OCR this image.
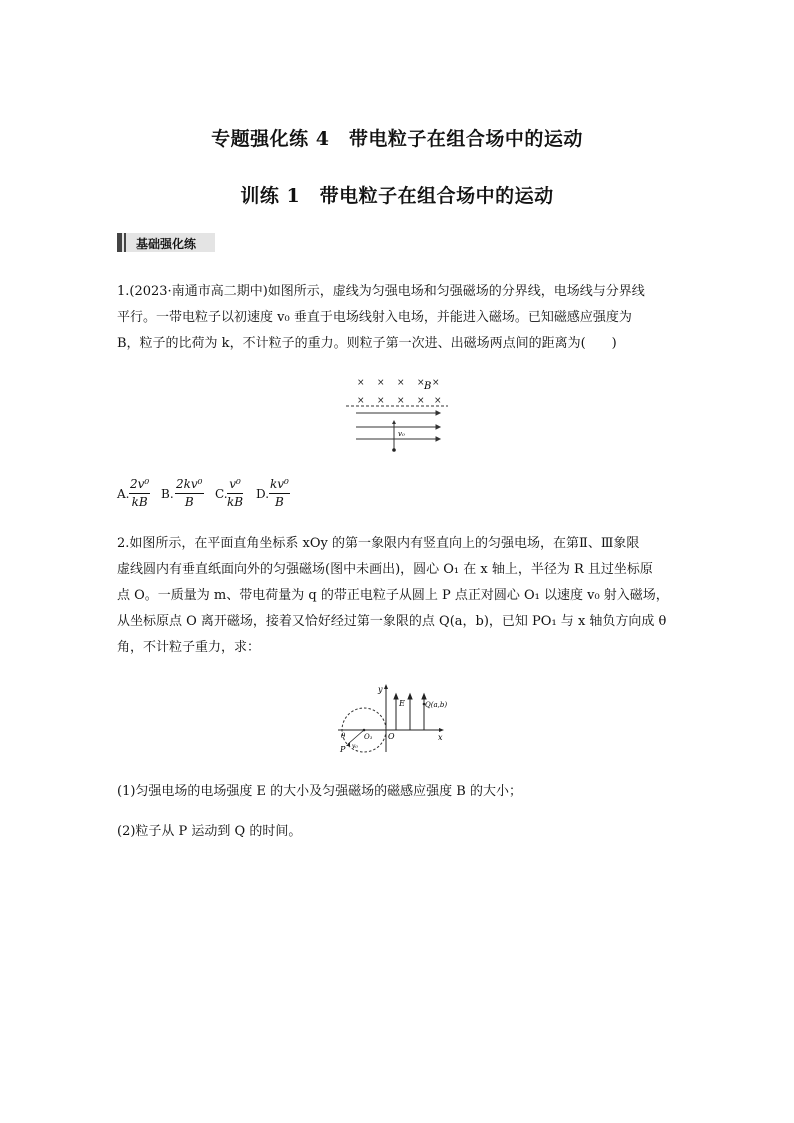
专题强化练 4　带电粒子在组合场中的运动
训练 1　带电粒子在组合场中的运动
基础强化练
1.(2023·南通市高二期中)如图所示，虚线为匀强电场和匀强磁场的分界线，电场线与分界线
平行。一带电粒子以初速度 v₀ 垂直于电场线射入电场，并能进入磁场。已知磁感应强度为
B，粒子的比荷为 k，不计粒子的重力。则粒子第一次进、出磁场两点间的距离为(　　)
× × × × ×
× × × × ×
B
v₀
A. $\frac{\text{2v⁰}}{kB} B$. $\frac{\text{2kv⁰}}{B} C$. $\frac{\text{v⁰}}{kB} D$. $\frac{\text{kv⁰}}{B}$
2.如图所示，在平面直角坐标系 xOy 的第一象限内有竖直向上的匀强电场，在第Ⅱ、Ⅲ象限
虚线圆内有垂直纸面向外的匀强磁场(图中未画出)，圆心 O₁ 在 x 轴上，半径为 R 且过坐标原
点 O。一质量为 m、带电荷量为 q 的带正电粒子从圆上 P 点正对圆心 O₁ 以速度 v₀ 射入磁场，
从坐标原点 O 离开磁场，接着又恰好经过第一象限的点 Q(a，b)，已知 PO₁ 与 x 轴负方向成 θ
角，不计粒子重力，求：
y
x
O
O₁
P
θ
v₀
E	Q(a,b)
(1)匀强电场的电场强度 E 的大小及匀强磁场的磁感应强度 B 的大小；
(2)粒子从 P 运动到 Q 的时间。
